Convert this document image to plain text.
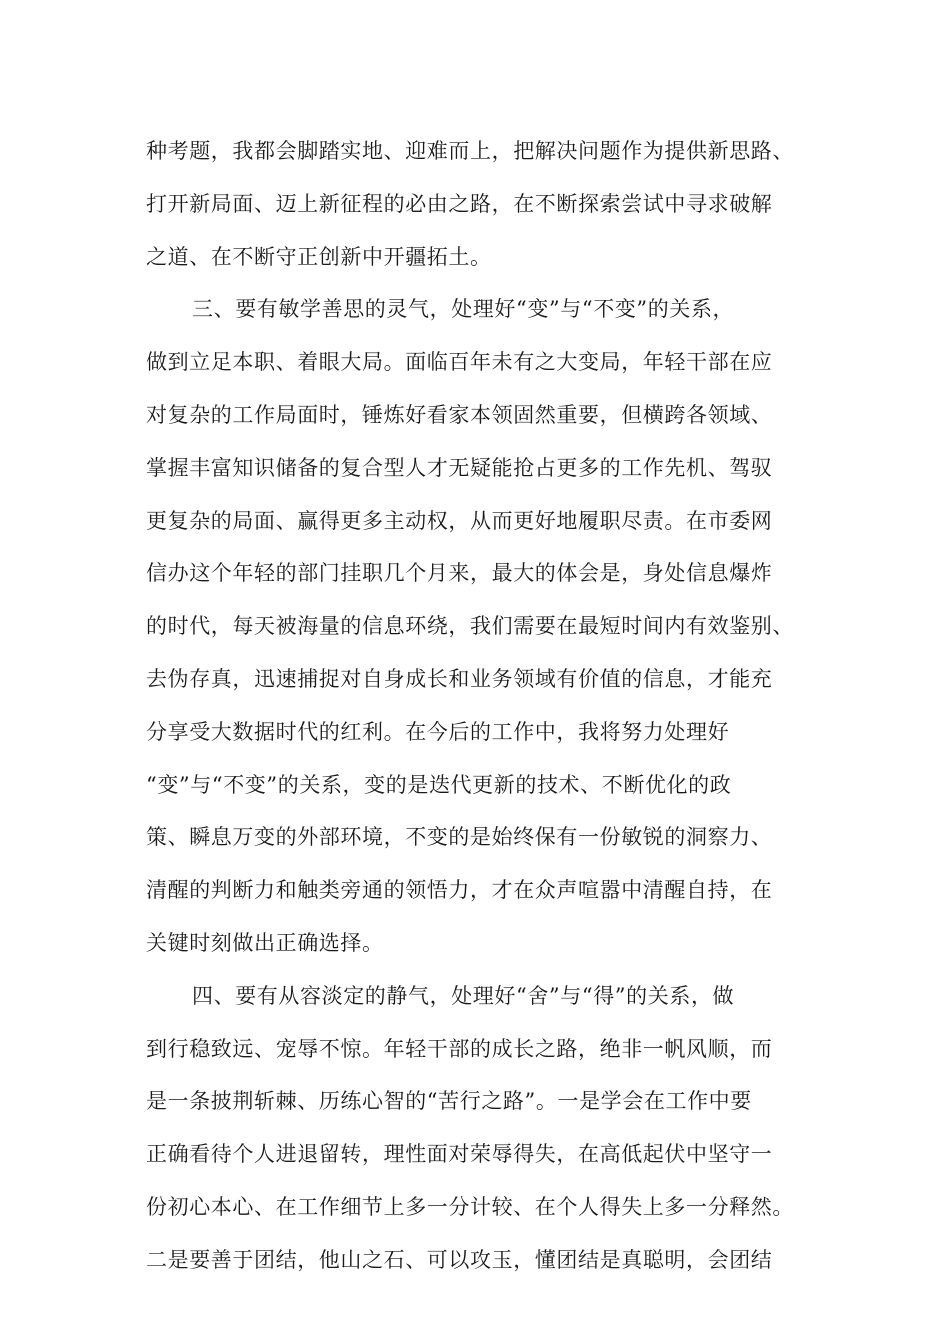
种考题，我都会脚踏实地、迎难而上，把解决问题作为提供新思路、
打开新局面、迈上新征程的必由之路，在不断探索尝试中寻求破解
之道、在不断守正创新中开疆拓土。
三、要有敏学善思的灵气，处理好“变”与“不变”的关系，
做到立足本职、着眼大局。面临百年未有之大变局，年轻干部在应
对复杂的工作局面时，锤炼好看家本领固然重要，但横跨各领域、
掌握丰富知识储备的复合型人才无疑能抢占更多的工作先机、驾驭
更复杂的局面、赢得更多主动权，从而更好地履职尽责。在市委网
信办这个年轻的部门挂职几个月来，最大的体会是，身处信息爆炸
的时代，每天被海量的信息环绕，我们需要在最短时间内有效鉴别、
去伪存真，迅速捕捉对自身成长和业务领域有价值的信息，才能充
分享受大数据时代的红利。在今后的工作中，我将努力处理好
“变”与“不变”的关系，变的是迭代更新的技术、不断优化的政
策、瞬息万变的外部环境，不变的是始终保有一份敏锐的洞察力、
清醒的判断力和触类旁通的领悟力，才在众声喧嚣中清醒自持，在
关键时刻做出正确选择。
四、要有从容淡定的静气，处理好“舍”与“得”的关系，做
到行稳致远、宠辱不惊。年轻干部的成长之路，绝非一帆风顺，而
是一条披荆斩棘、历练心智的“苦行之路”。一是学会在工作中要
正确看待个人进退留转，理性面对荣辱得失，在高低起伏中坚守一
份初心本心、在工作细节上多一分计较、在个人得失上多一分释然。
二是要善于团结，他山之石、可以攻玉，懂团结是真聪明，会团结
